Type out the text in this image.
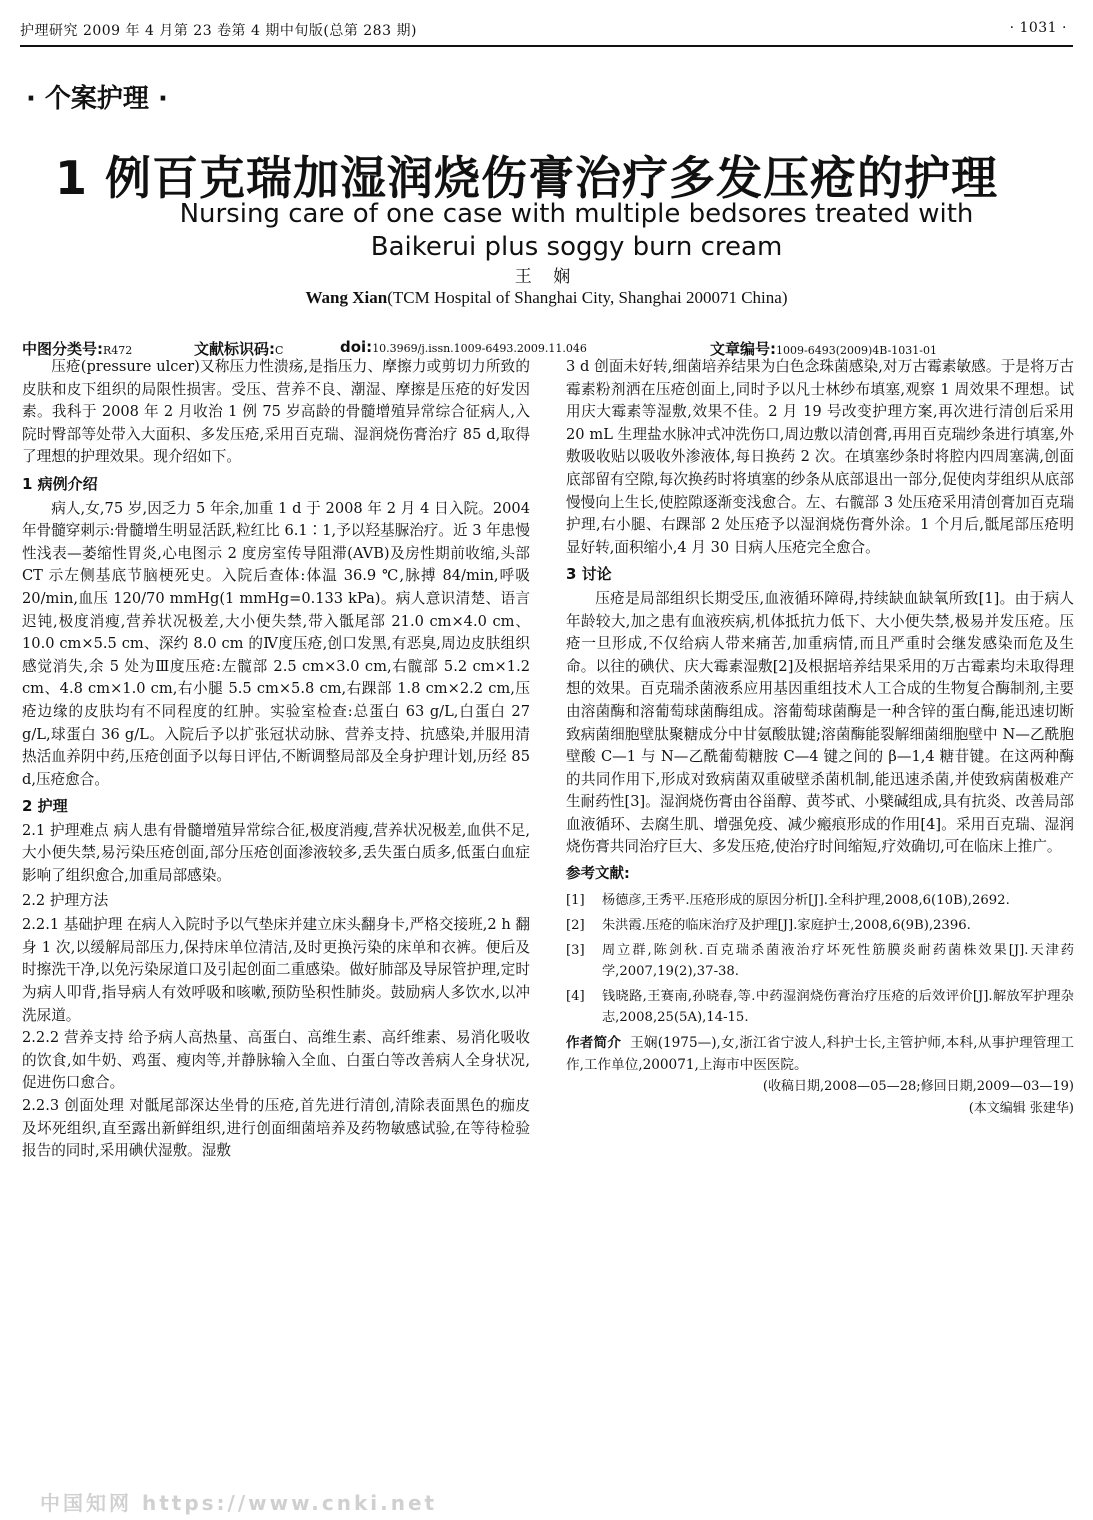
护理研究 2009 年 4 月第 23 卷第 4 期中旬版(总第 283 期)	· 1031 ·
· 个案护理 ·
1 例百克瑞加湿润烧伤膏治疗多发压疮的护理
Nursing care of one case with multiple bedsores treated with Baikerui plus soggy burn cream
王 娴
Wang Xian(TCM Hospital of Shanghai City, Shanghai 200071 China)
中图分类号:R472	文献标识码:C	doi:10.3969/j.issn.1009-6493.2009.11.046	文章编号:1009-6493(2009)4B-1031-01

压疮(pressure ulcer)又称压力性溃疡,是指压力、摩擦力或剪切力所致的皮肤和皮下组织的局限性损害。受压、营养不良、潮湿、摩擦是压疮的好发因素。我科于 2008 年 2 月收治 1 例 75 岁高龄的骨髓增殖异常综合征病人,入院时臀部等处带入大面积、多发压疮,采用百克瑞、湿润烧伤膏治疗 85 d,取得了理想的护理效果。现介绍如下。

1 病例介绍

病人,女,75 岁,因乏力 5 年余,加重 1 d 于 2008 年 2 月 4 日入院。2004 年骨髓穿刺示:骨髓增生明显活跃,粒红比 6.1∶1,予以羟基脲治疗。近 3 年患慢性浅表—萎缩性胃炎,心电图示 2 度房室传导阻滞(AVB)及房性期前收缩,头部 CT 示左侧基底节脑梗死史。入院后查体:体温 36.9 ℃,脉搏 84/min,呼吸 20/min,血压 120/70 mmHg(1 mmHg=0.133 kPa)。病人意识清楚、语言迟钝,极度消瘦,营养状况极差,大小便失禁,带入骶尾部 21.0 cm×4.0 cm、10.0 cm×5.5 cm、深约 8.0 cm 的Ⅳ度压疮,创口发黑,有恶臭,周边皮肤组织感觉消失,余 5 处为Ⅲ度压疮:左髋部 2.5 cm×3.0 cm,右髋部 5.2 cm×1.2 cm、4.8 cm×1.0 cm,右小腿 5.5 cm×5.8 cm,右踝部 1.8 cm×2.2 cm,压疮边缘的皮肤均有不同程度的红肿。实验室检查:总蛋白 63 g/L,白蛋白 27 g/L,球蛋白 36 g/L。入院后予以扩张冠状动脉、营养支持、抗感染,并服用清热活血养阴中药,压疮创面予以每日评估,不断调整局部及全身护理计划,历经 85 d,压疮愈合。

2 护理

2.1 护理难点 病人患有骨髓增殖异常综合征,极度消瘦,营养状况极差,血供不足,大小便失禁,易污染压疮创面,部分压疮创面渗液较多,丢失蛋白质多,低蛋白血症影响了组织愈合,加重局部感染。

2.2 护理方法

2.2.1 基础护理 在病人入院时予以气垫床并建立床头翻身卡,严格交接班,2 h 翻身 1 次,以缓解局部压力,保持床单位清洁,及时更换污染的床单和衣裤。便后及时擦洗干净,以免污染尿道口及引起创面二重感染。做好肺部及导尿管护理,定时为病人叩背,指导病人有效呼吸和咳嗽,预防坠积性肺炎。鼓励病人多饮水,以冲洗尿道。

2.2.2 营养支持 给予病人高热量、高蛋白、高维生素、高纤维素、易消化吸收的饮食,如牛奶、鸡蛋、瘦肉等,并静脉输入全血、白蛋白等改善病人全身状况,促进伤口愈合。

2.2.3 创面处理 对骶尾部深达坐骨的压疮,首先进行清创,清除表面黑色的痂皮及坏死组织,直至露出新鲜组织,进行创面细菌培养及药物敏感试验,在等待检验报告的同时,采用碘伏湿敷。湿敷

3 d 创面未好转,细菌培养结果为白色念珠菌感染,对万古霉素敏感。于是将万古霉素粉剂洒在压疮创面上,同时予以凡士林纱布填塞,观察 1 周效果不理想。试用庆大霉素等湿敷,效果不佳。2 月 19 号改变护理方案,再次进行清创后采用 20 mL 生理盐水脉冲式冲洗伤口,周边敷以清创膏,再用百克瑞纱条进行填塞,外敷吸收贴以吸收外渗液体,每日换药 2 次。在填塞纱条时将腔内四周塞满,创面底部留有空隙,每次换药时将填塞的纱条从底部退出一部分,促使肉芽组织从底部慢慢向上生长,使腔隙逐渐变浅愈合。左、右髋部 3 处压疮采用清创膏加百克瑞护理,右小腿、右踝部 2 处压疮予以湿润烧伤膏外涂。1 个月后,骶尾部压疮明显好转,面积缩小,4 月 30 日病人压疮完全愈合。

3 讨论

压疮是局部组织长期受压,血液循环障碍,持续缺血缺氧所致[1]。由于病人年龄较大,加之患有血液疾病,机体抵抗力低下、大小便失禁,极易并发压疮。压疮一旦形成,不仅给病人带来痛苦,加重病情,而且严重时会继发感染而危及生命。以往的碘伏、庆大霉素湿敷[2]及根据培养结果采用的万古霉素均未取得理想的效果。百克瑞杀菌液系应用基因重组技术人工合成的生物复合酶制剂,主要由溶菌酶和溶葡萄球菌酶组成。溶葡萄球菌酶是一种含锌的蛋白酶,能迅速切断致病菌细胞壁肽聚糖成分中甘氨酸肽键;溶菌酶能裂解细菌细胞壁中 N—乙酰胞壁酸 C—1 与 N—乙酰葡萄糖胺 C—4 键之间的 β—1,4 糖苷键。在这两种酶的共同作用下,形成对致病菌双重破壁杀菌机制,能迅速杀菌,并使致病菌极难产生耐药性[3]。湿润烧伤膏由谷甾醇、黄芩甙、小檗碱组成,具有抗炎、改善局部血液循环、去腐生肌、增强免疫、减少瘢痕形成的作用[4]。采用百克瑞、湿润烧伤膏共同治疗巨大、多发压疮,使治疗时间缩短,疗效确切,可在临床上推广。

参考文献:

[1]	杨德彦,王秀平.压疮形成的原因分析[J].全科护理,2008,6(10B),2692.
[2]	朱洪霞.压疮的临床治疗及护理[J].家庭护士,2008,6(9B),2396.
[3]	周立群,陈剑秋.百克瑞杀菌液治疗坏死性筋膜炎耐药菌株效果[J].天津药学,2007,19(2),37-38.
[4]	钱晓路,王赛南,孙晓春,等.中药湿润烧伤膏治疗压疮的后效评价[J].解放军护理杂志,2008,25(5A),14-15.

作者简介 王娴(1975—),女,浙江省宁波人,科护士长,主管护师,本科,从事护理管理工作,工作单位,200071,上海市中医医院。

(收稿日期,2008—05—28;修回日期,2009—03—19)

(本文编辑 张建华)

中国知网 https://www.cnki.net
